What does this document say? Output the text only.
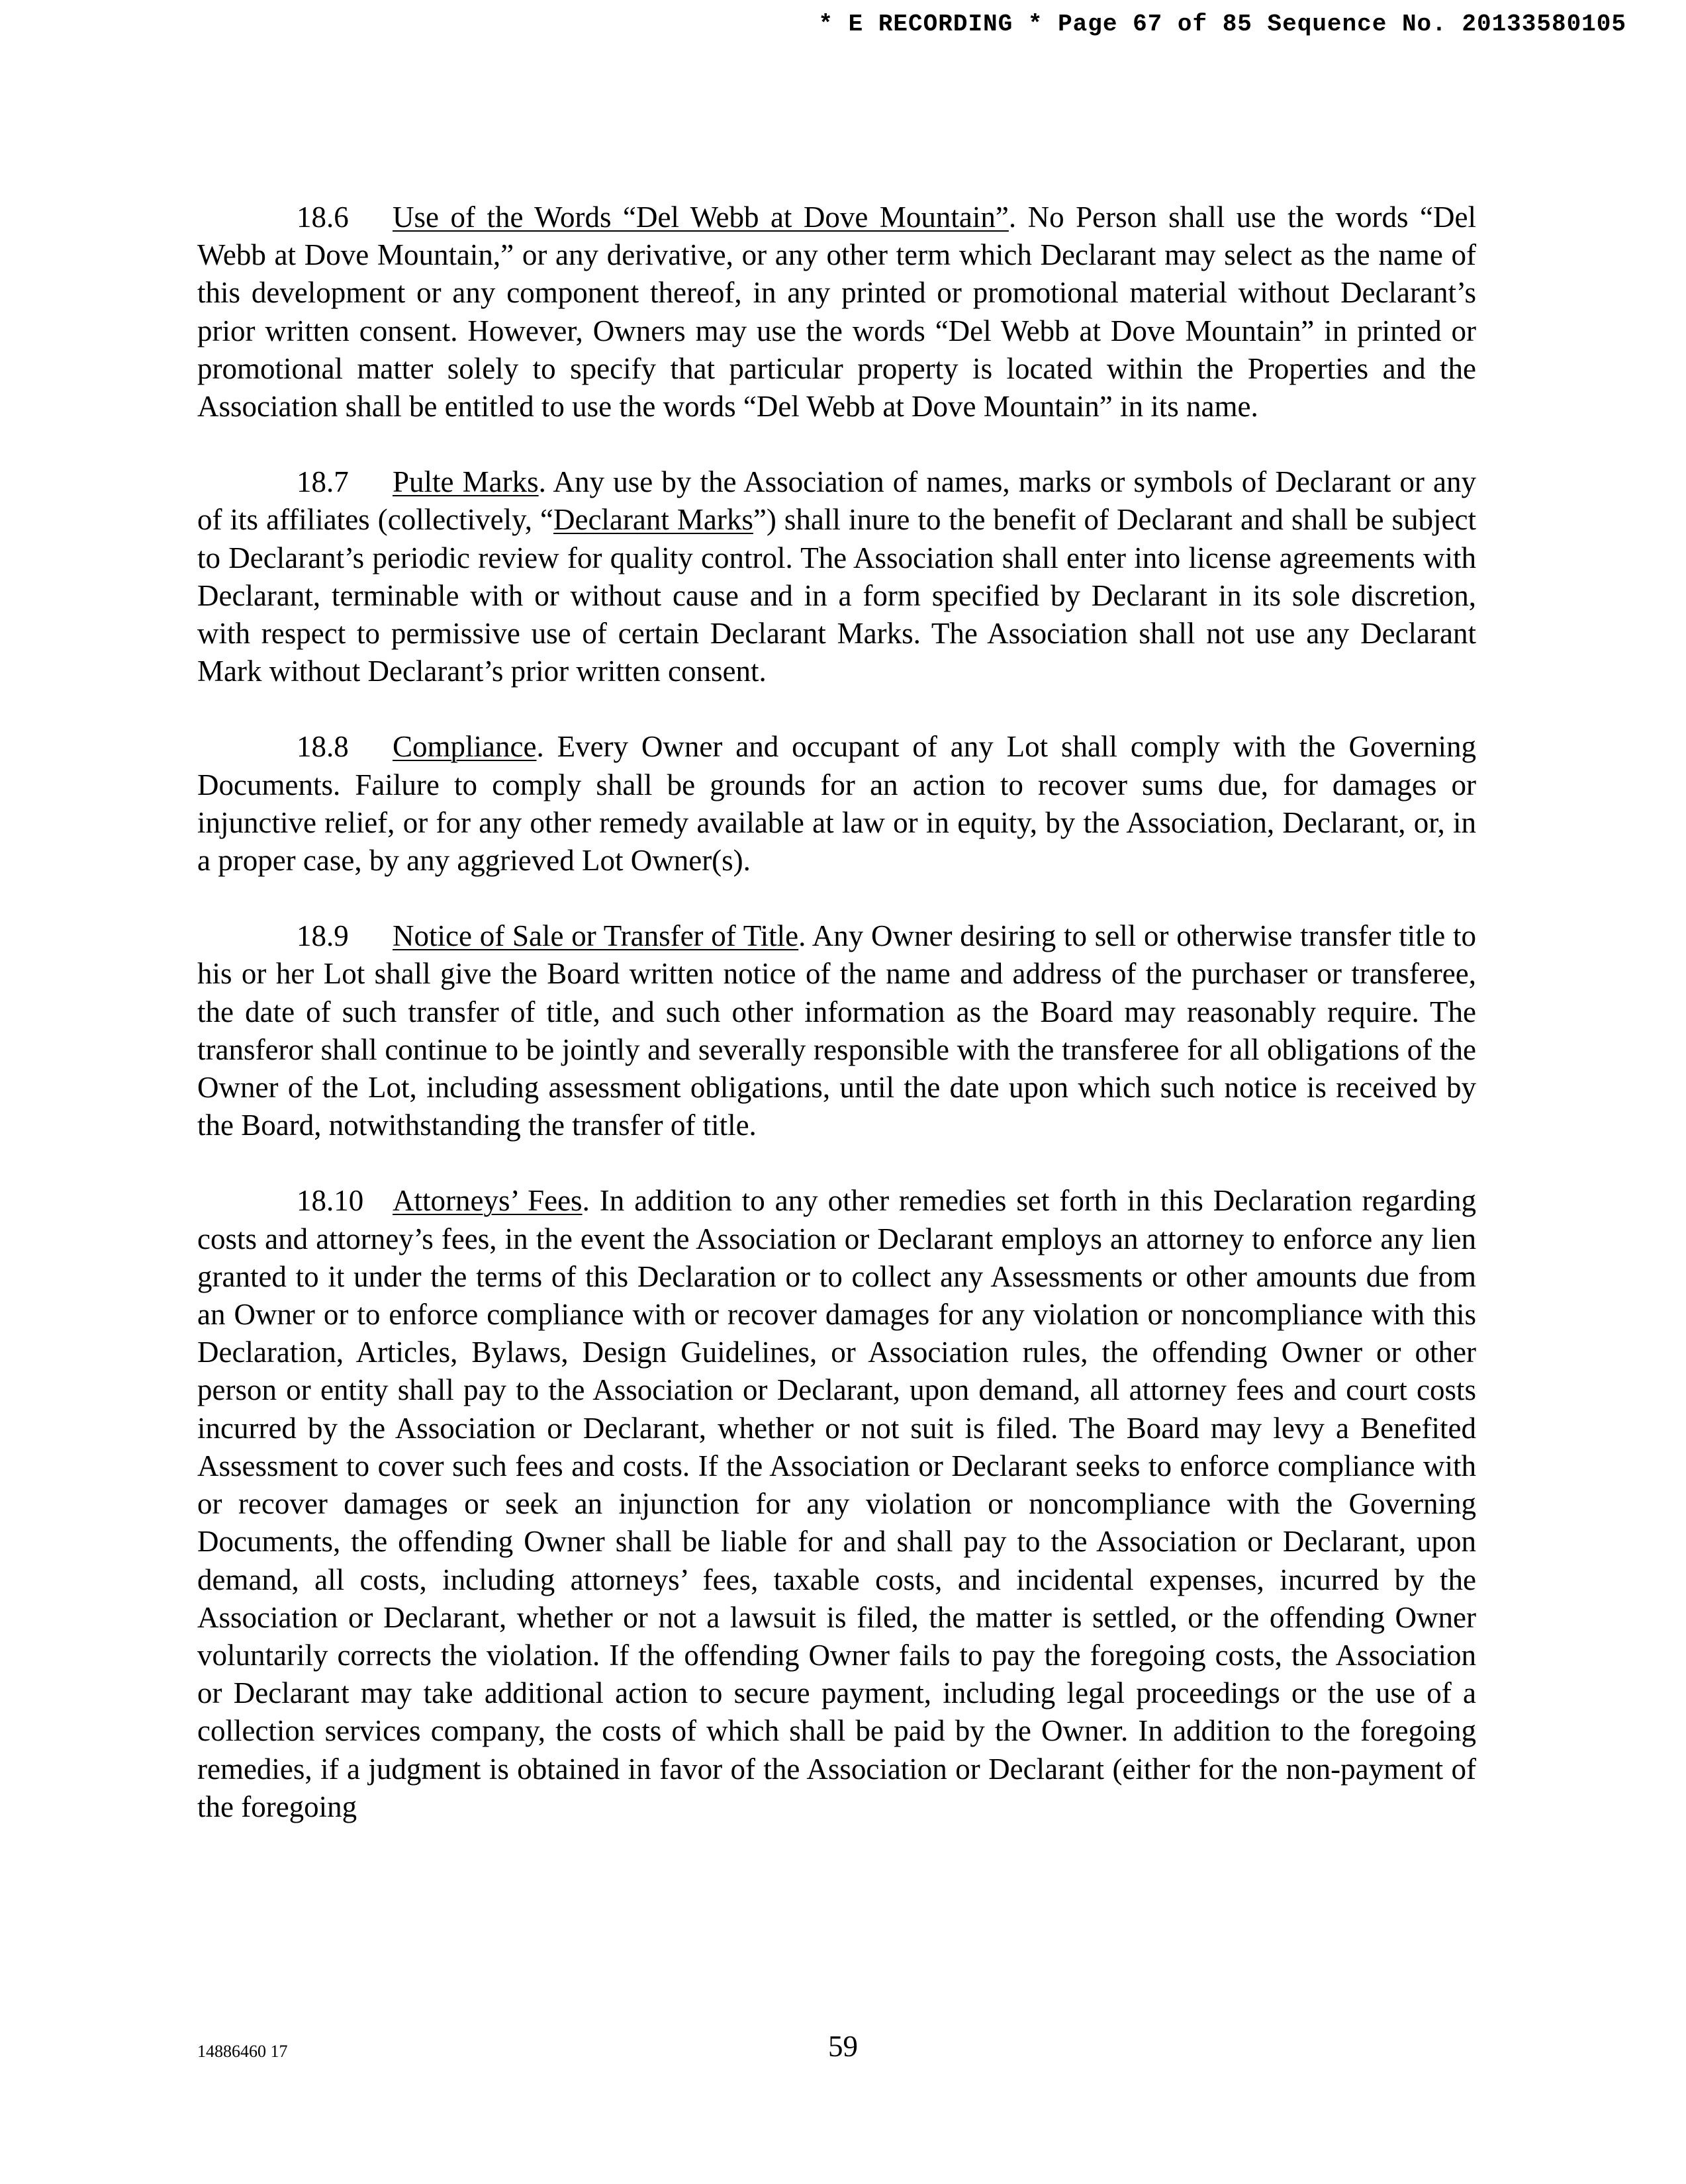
* E RECORDING * Page 67 of 85 Sequence No. 20133580105

18.6 Use of the Words “Del Webb at Dove Mountain”. No Person shall use the words “Del Webb at Dove Mountain,” or any derivative, or any other term which Declarant may select as the name of this development or any component thereof, in any printed or promotional material without Declarant’s prior written consent. However, Owners may use the words “Del Webb at Dove Mountain” in printed or promotional matter solely to specify that particular property is located within the Properties and the Association shall be entitled to use the words “Del Webb at Dove Mountain” in its name.

18.7 Pulte Marks. Any use by the Association of names, marks or symbols of Declarant or any of its affiliates (collectively, “Declarant Marks”) shall inure to the benefit of Declarant and shall be subject to Declarant’s periodic review for quality control. The Association shall enter into license agreements with Declarant, terminable with or without cause and in a form specified by Declarant in its sole discretion, with respect to permissive use of certain Declarant Marks. The Association shall not use any Declarant Mark without Declarant’s prior written consent.

18.8 Compliance. Every Owner and occupant of any Lot shall comply with the Governing Documents. Failure to comply shall be grounds for an action to recover sums due, for damages or injunctive relief, or for any other remedy available at law or in equity, by the Association, Declarant, or, in a proper case, by any aggrieved Lot Owner(s).

18.9 Notice of Sale or Transfer of Title. Any Owner desiring to sell or otherwise transfer title to his or her Lot shall give the Board written notice of the name and address of the purchaser or transferee, the date of such transfer of title, and such other information as the Board may reasonably require. The transferor shall continue to be jointly and severally responsible with the transferee for all obligations of the Owner of the Lot, including assessment obligations, until the date upon which such notice is received by the Board, notwithstanding the transfer of title.

18.10 Attorneys’ Fees. In addition to any other remedies set forth in this Declaration regarding costs and attorney’s fees, in the event the Association or Declarant employs an attorney to enforce any lien granted to it under the terms of this Declaration or to collect any Assessments or other amounts due from an Owner or to enforce compliance with or recover damages for any violation or noncompliance with this Declaration, Articles, Bylaws, Design Guidelines, or Association rules, the offending Owner or other person or entity shall pay to the Association or Declarant, upon demand, all attorney fees and court costs incurred by the Association or Declarant, whether or not suit is filed. The Board may levy a Benefited Assessment to cover such fees and costs. If the Association or Declarant seeks to enforce compliance with or recover damages or seek an injunction for any violation or noncompliance with the Governing Documents, the offending Owner shall be liable for and shall pay to the Association or Declarant, upon demand, all costs, including attorneys’ fees, taxable costs, and incidental expenses, incurred by the Association or Declarant, whether or not a lawsuit is filed, the matter is settled, or the offending Owner voluntarily corrects the violation. If the offending Owner fails to pay the foregoing costs, the Association or Declarant may take additional action to secure payment, including legal proceedings or the use of a collection services company, the costs of which shall be paid by the Owner. In addition to the foregoing remedies, if a judgment is obtained in favor of the Association or Declarant (either for the non-payment of the foregoing

14886460 17	59
